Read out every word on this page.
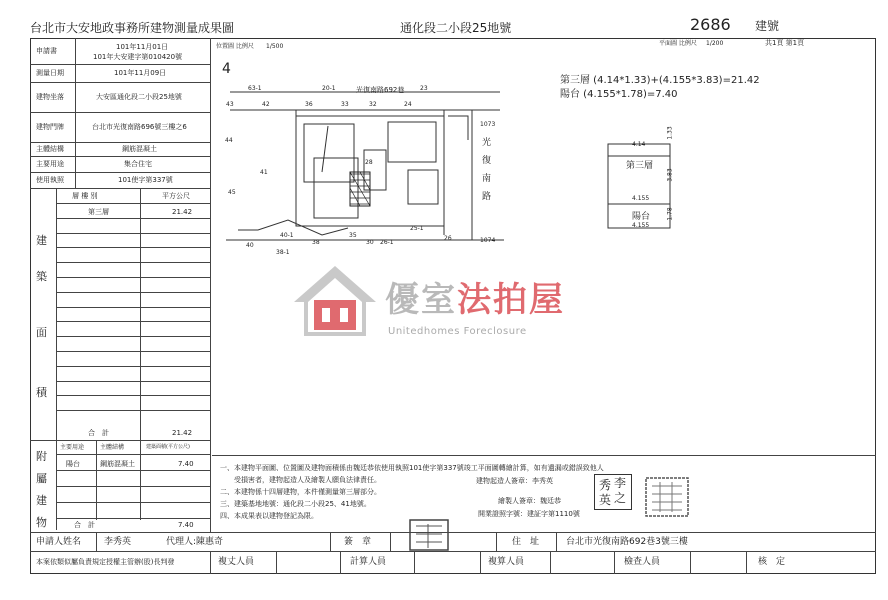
台北市大安地政事務所建物測量成果圖	通化段二小段25地號	2686 建號
申請書	101年11月01日
101年大安建字第010420號
測量日期	101年11月09日
建物坐落	大安區通化段二小段25地號
建物門牌	台北市光復南路696號三樓之6
主體結構	鋼筋混凝土
主要用途	集合住宅
使用執照	101使字第337號
層 樓 別	平方公尺
第三層	21.42
建
築
面
積
合　計	21.42
主要用途	主體結構	建築面積(平方公尺)
陽台	鋼筋混凝土	7.40
附
屬
建
物	合　計	7.40
位置圖 比例尺 1/500
4
63-1	20-1	23
43	42	36	33	32	24
1073
44
41
28
45
40
40-1
38-1
38
35
30 26-1
25-1
26	1074
光復南路692巷
光
復
南
路
平面圖 比例尺 1/200	共1頁 第1頁
第三層 (4.14*1.33)+(4.155*3.83)=21.42
陽台 (4.155*1.78)=7.40
4.14
1.33
3.83
第三層
4.155
1.78
陽台
4.155
優室法拍屋
Unitedhomes Foreclosure
一、本建物平面圖、位置圖及建物面積係由魏廷恭依使用執照101使字第337號竣工平面圖轉繪計算，如有遺漏或錯誤致他人
　　受損害者，建物起造人及繪製人願負法律責任。
二、本建物係十四層建物，本件僅測量第三層部分。
三、建築基地地號：通化段二小段25、41地號。
四、本成果表以建物登記為限。
建物起造人簽章：李秀英
繪製人簽章：魏廷恭
開業證照字號：建証字第1110號
秀 李
英 之
申請人姓名	李秀英	代理人:陳惠奇	簽　章	住　址	台北市光復南路692巷3號三樓
本案依類似屬負責規定授權主管辦(股)長判發	複丈人員	計算人員	複算人員	檢查人員	核　定
